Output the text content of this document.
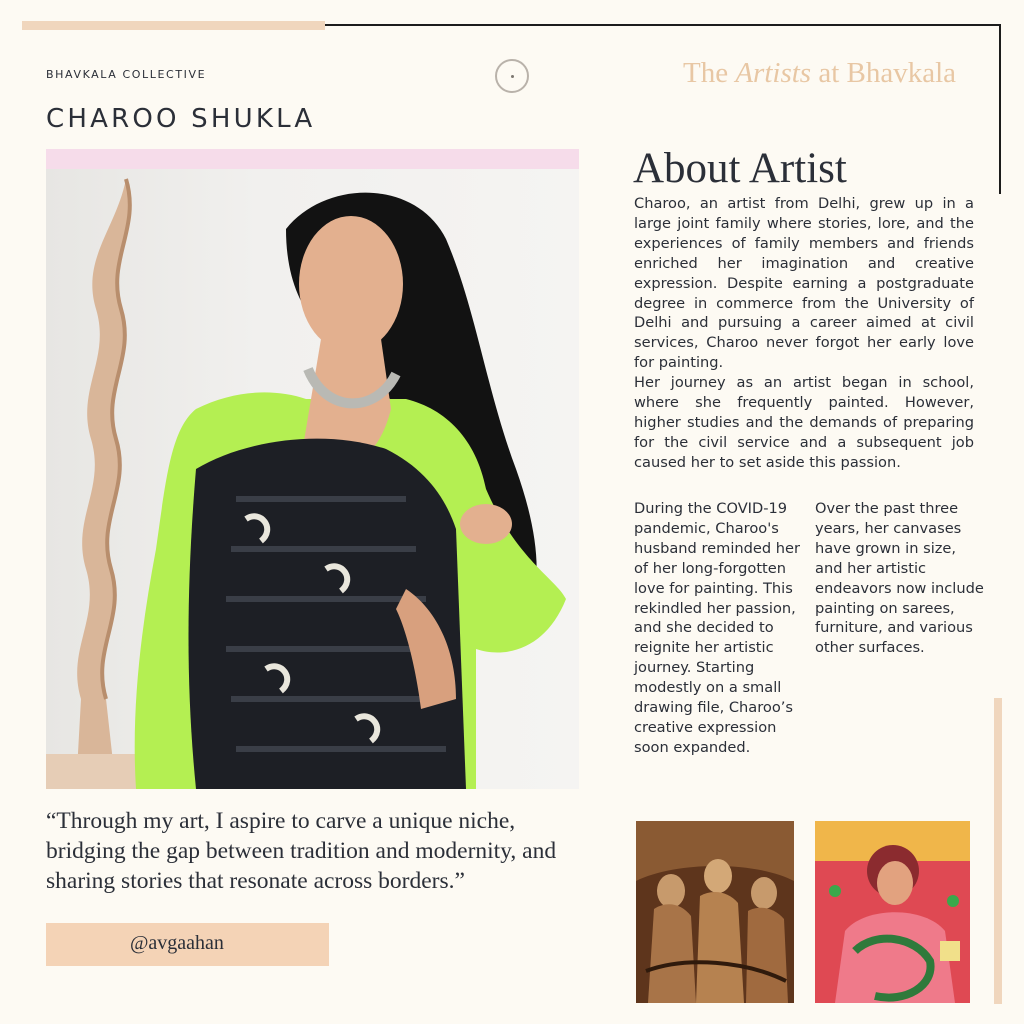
BHAVKALA COLLECTIVE
CHAROO SHUKLA
The Artists at Bhavkala

“Through my art, I aspire to carve a unique niche, bridging the gap between tradition and modernity, and sharing stories that resonate across borders.”

@avgaahan
About Artist

Charoo, an artist from Delhi, grew up in a large joint family where stories, lore, and the experiences of family members and friends enriched her imagination and creative expression. Despite earning a postgraduate degree in commerce from the University of Delhi and pursuing a career aimed at civil services, Charoo never forgot her early love for painting.

Her journey as an artist began in school, where she frequently painted. However, higher studies and the demands of preparing for the civil service and a subsequent job caused her to set aside this passion.

During the COVID-19 pandemic, Charoo's husband reminded her of her long-forgotten love for painting. This rekindled her passion, and she decided to reignite her artistic journey. Starting modestly on a small drawing file, Charoo’s creative expression soon expanded.

Over the past three years, her canvases have grown in size, and her artistic endeavors now include painting on sarees, furniture, and various other surfaces.
